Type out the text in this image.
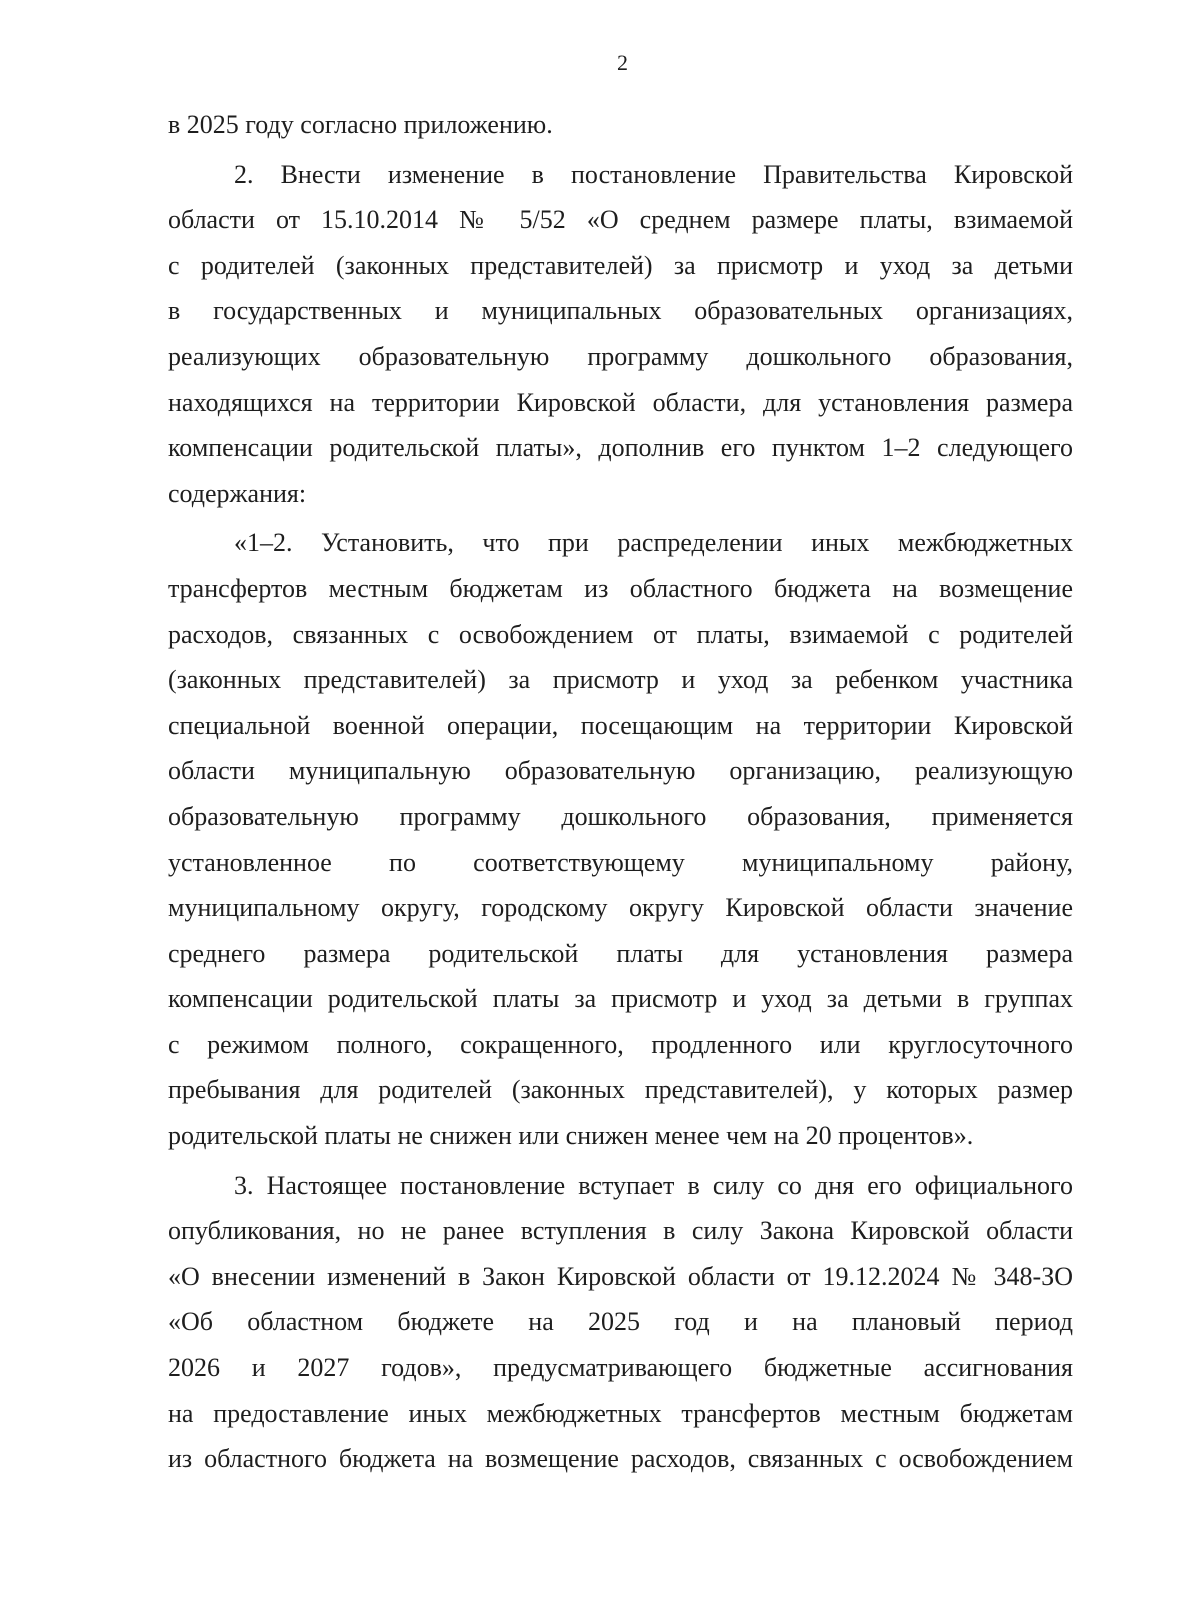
2
в 2025 году согласно приложению.
2. Внести изменение в постановление Правительства Кировской
области от 15.10.2014 № 5/52 «О среднем размере платы, взимаемой
с родителей (законных представителей) за присмотр и уход за детьми
в государственных и муниципальных образовательных организациях,
реализующих образовательную программу дошкольного образования,
находящихся на территории Кировской области, для установления размера
компенсации родительской платы», дополнив его пунктом 1–2 следующего
содержания:
«1–2. Установить, что при распределении иных межбюджетных
трансфертов местным бюджетам из областного бюджета на возмещение
расходов, связанных с освобождением от платы, взимаемой с родителей
(законных представителей) за присмотр и уход за ребенком участника
специальной военной операции, посещающим на территории Кировской
области муниципальную образовательную организацию, реализующую
образовательную программу дошкольного образования, применяется
установленное по соответствующему муниципальному району,
муниципальному округу, городскому округу Кировской области значение
среднего размера родительской платы для установления размера
компенсации родительской платы за присмотр и уход за детьми в группах
с режимом полного, сокращенного, продленного или круглосуточного
пребывания для родителей (законных представителей), у которых размер
родительской платы не снижен или снижен менее чем на 20 процентов».
3. Настоящее постановление вступает в силу со дня его официального
опубликования, но не ранее вступления в силу Закона Кировской области
«О внесении изменений в Закон Кировской области от 19.12.2024 № 348-ЗО
«Об областном бюджете на 2025 год и на плановый период
2026 и 2027 годов», предусматривающего бюджетные ассигнования
на предоставление иных межбюджетных трансфертов местным бюджетам
из областного бюджета на возмещение расходов, связанных с освобождением
